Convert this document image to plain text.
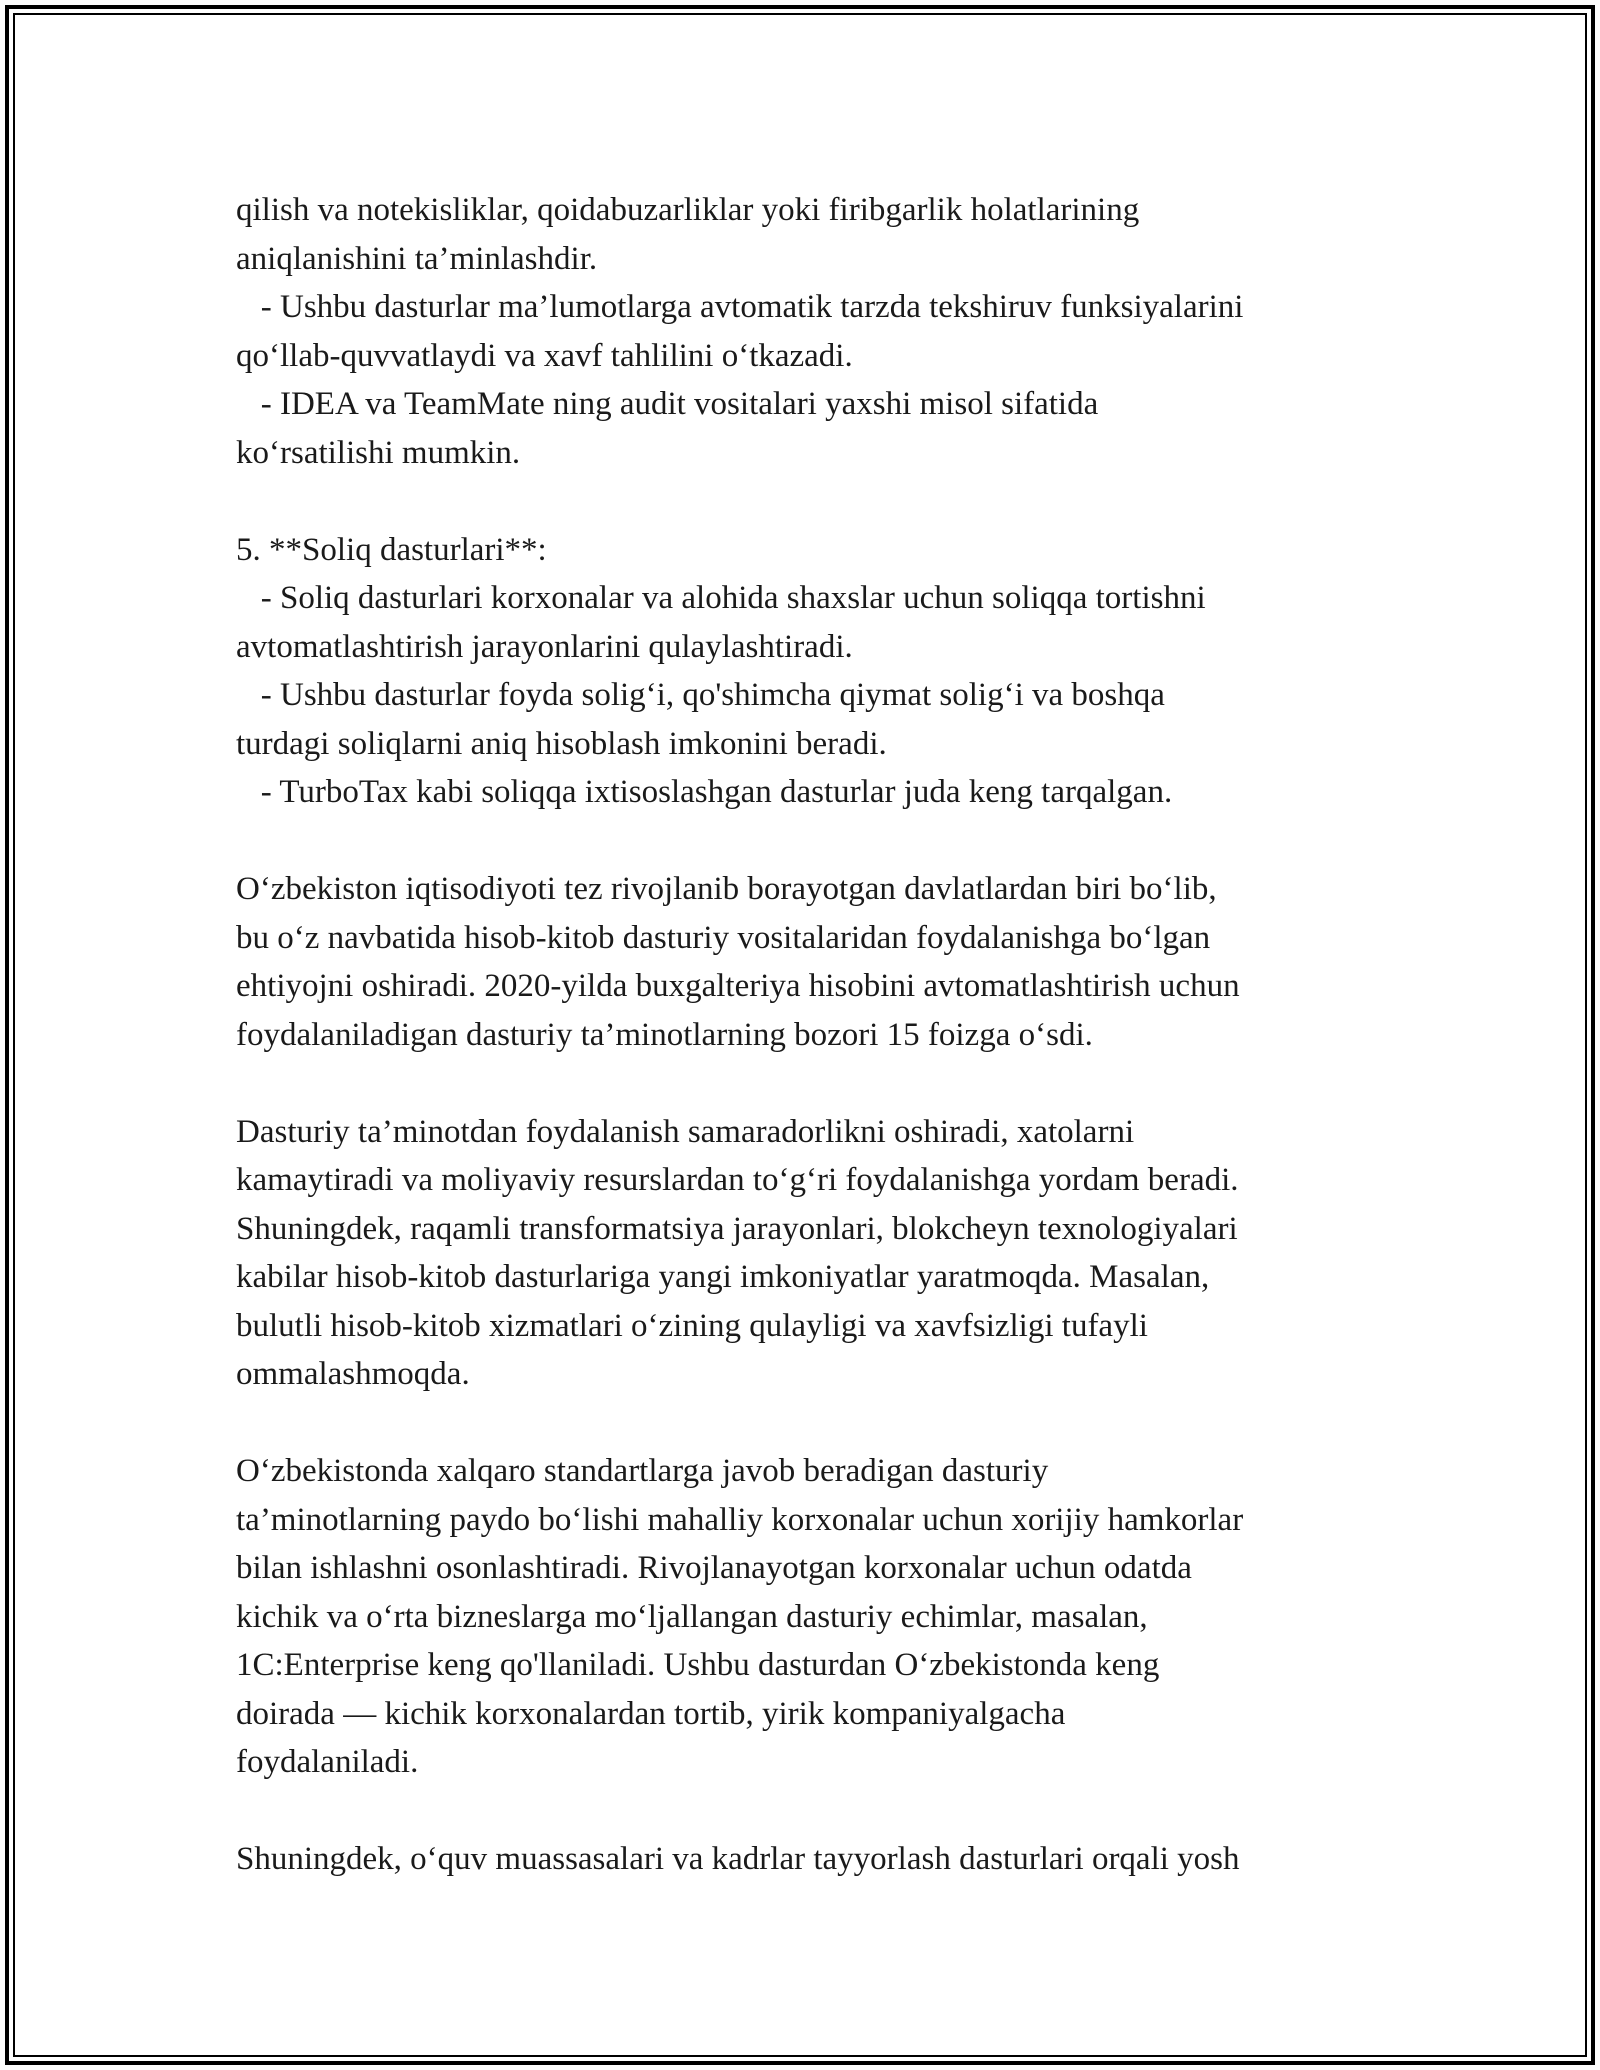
qilish va notekisliklar, qoidabuzarliklar yoki firibgarlik holatlarining
aniqlanishini ta’minlashdir.
- Ushbu dasturlar ma’lumotlarga avtomatik tarzda tekshiruv funksiyalarini
qo‘llab-quvvatlaydi va xavf tahlilini o‘tkazadi.
- IDEA va TeamMate ning audit vositalari yaxshi misol sifatida
ko‘rsatilishi mumkin.
5. **Soliq dasturlari**:
- Soliq dasturlari korxonalar va alohida shaxslar uchun soliqqa tortishni
avtomatlashtirish jarayonlarini qulaylashtiradi.
- Ushbu dasturlar foyda solig‘i, qo'shimcha qiymat solig‘i va boshqa
turdagi soliqlarni aniq hisoblash imkonini beradi.
- TurboTax kabi soliqqa ixtisoslashgan dasturlar juda keng tarqalgan.
O‘zbekiston iqtisodiyoti tez rivojlanib borayotgan davlatlardan biri bo‘lib,
bu o‘z navbatida hisob-kitob dasturiy vositalaridan foydalanishga bo‘lgan
ehtiyojni oshiradi. 2020-yilda buxgalteriya hisobini avtomatlashtirish uchun
foydalaniladigan dasturiy ta’minotlarning bozori 15 foizga o‘sdi.
Dasturiy ta’minotdan foydalanish samaradorlikni oshiradi, xatolarni
kamaytiradi va moliyaviy resurslardan to‘g‘ri foydalanishga yordam beradi.
Shuningdek, raqamli transformatsiya jarayonlari, blokcheyn texnologiyalari
kabilar hisob-kitob dasturlariga yangi imkoniyatlar yaratmoqda. Masalan,
bulutli hisob-kitob xizmatlari o‘zining qulayligi va xavfsizligi tufayli
ommalashmoqda.
O‘zbekistonda xalqaro standartlarga javob beradigan dasturiy
ta’minotlarning paydo bo‘lishi mahalliy korxonalar uchun xorijiy hamkorlar
bilan ishlashni osonlashtiradi. Rivojlanayotgan korxonalar uchun odatda
kichik va o‘rta bizneslarga mo‘ljallangan dasturiy echimlar, masalan,
1C:Enterprise keng qo'llaniladi. Ushbu dasturdan O‘zbekistonda keng
doirada — kichik korxonalardan tortib, yirik kompaniyalgacha
foydalaniladi.
Shuningdek, o‘quv muassasalari va kadrlar tayyorlash dasturlari orqali yosh
